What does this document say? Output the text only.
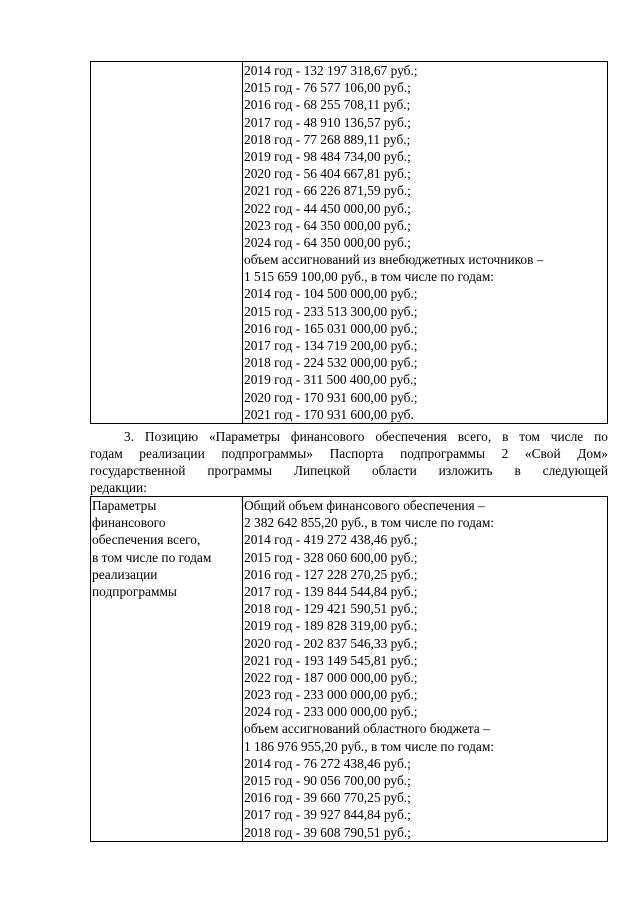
2014 год - 132 197 318,67 руб.;
2015 год - 76 577 106,00 руб.;
2016 год - 68 255 708,11 руб.;
2017 год - 48 910 136,57 руб.;
2018 год - 77 268 889,11 руб.;
2019 год - 98 484 734,00 руб.;
2020 год - 56 404 667,81 руб.;
2021 год - 66 226 871,59 руб.;
2022 год - 44 450 000,00 руб.;
2023 год - 64 350 000,00 руб.;
2024 год - 64 350 000,00 руб.;
объем ассигнований из внебюджетных источников –
1 515 659 100,00 руб., в том числе по годам:
2014 год - 104 500 000,00 руб.;
2015 год - 233 513 300,00 руб.;
2016 год - 165 031 000,00 руб.;
2017 год - 134 719 200,00 руб.;
2018 год - 224 532 000,00 руб.;
2019 год - 311 500 400,00 руб.;
2020 год - 170 931 600,00 руб.;
2021 год - 170 931 600,00 руб.
3. Позицию «Параметры финансового обеспечения всего, в том числе по
годам реализации подпрограммы» Паспорта подпрограммы 2 «Свой Дом»
государственной программы Липецкой области изложить в следующей
редакции:
Параметры
финансового
обеспечения всего,
в том числе по годам
реализации
подпрограммы

Общий объем финансового обеспечения –
2 382 642 855,20 руб., в том числе по годам:
2014 год - 419 272 438,46 руб.;
2015 год - 328 060 600,00 руб.;
2016 год - 127 228 270,25 руб.;
2017 год - 139 844 544,84 руб.;
2018 год - 129 421 590,51 руб.;
2019 год - 189 828 319,00 руб.;
2020 год - 202 837 546,33 руб.;
2021 год - 193 149 545,81 руб.;
2022 год - 187 000 000,00 руб.;
2023 год - 233 000 000,00 руб.;
2024 год - 233 000 000,00 руб.;
объем ассигнований областного бюджета –
1 186 976 955,20 руб., в том числе по годам:
2014 год - 76 272 438,46 руб.;
2015 год - 90 056 700,00 руб.;
2016 год - 39 660 770,25 руб.;
2017 год - 39 927 844,84 руб.;
2018 год - 39 608 790,51 руб.;
